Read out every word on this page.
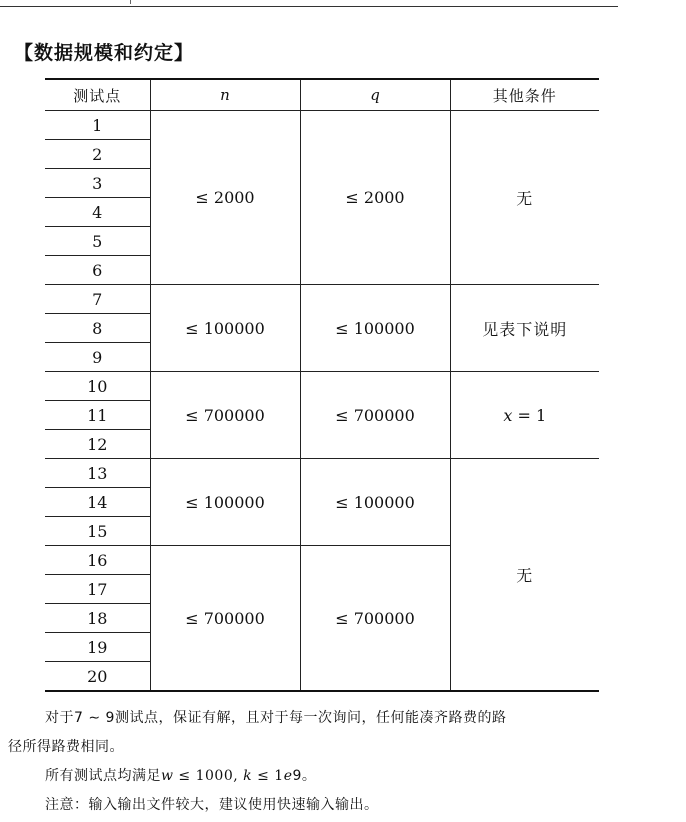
【数据规模和约定】
测试点	n	q	其他条件
1	≤ 2000	≤ 2000	无
2			
3			
4			
5			
6			
7	≤ 100000	≤ 100000	见表下说明
8			
9			
10	≤ 700000	≤ 700000	x = 1
11			
12			
13	≤ 100000	≤ 100000	无
14			
15			
16	≤ 700000	≤ 700000	
17			
18			
19			
20			

对于7 ∼ 9测试点，保证有解，且对于每一次询问，任何能凑齐路费的路

径所得路费相同。

所有测试点均满足w ≤ 1000, k ≤ 1e9。

注意：输入输出文件较大，建议使用快速输入输出。
